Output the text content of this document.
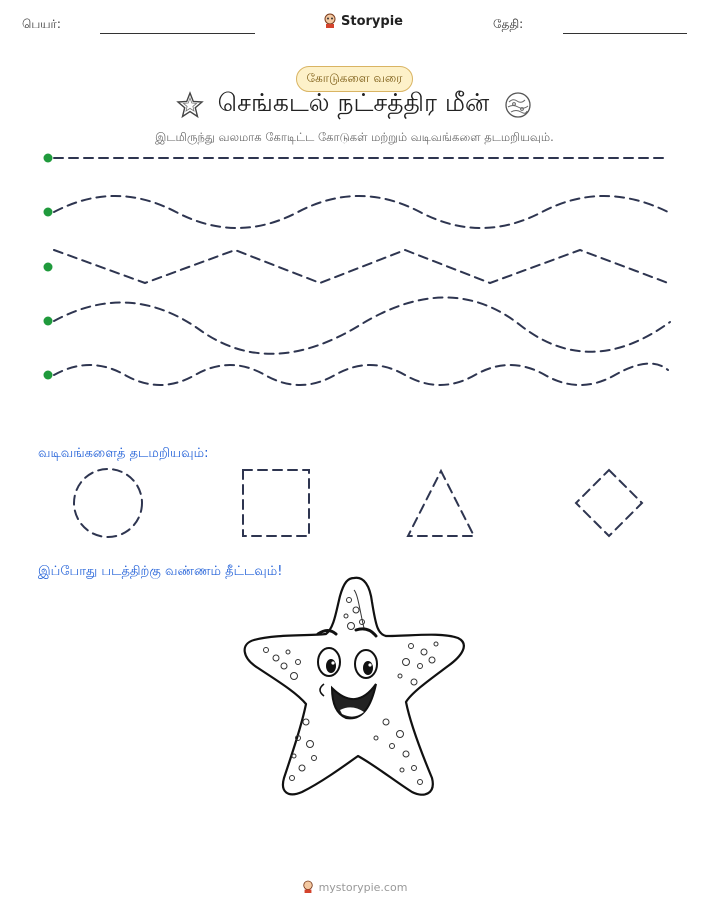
பெயர்:	Storypie	தேதி:
கோடுகளை வரை
செங்கடல் நட்சத்திர மீன்
இடமிருந்து வலமாக கோடிட்ட கோடுகள் மற்றும் வடிவங்களை தடமறியவும்.
வடிவங்களைத் தடமறியவும்:
இப்போது படத்திற்கு வண்ணம் தீட்டவும்!
mystorypie.com
